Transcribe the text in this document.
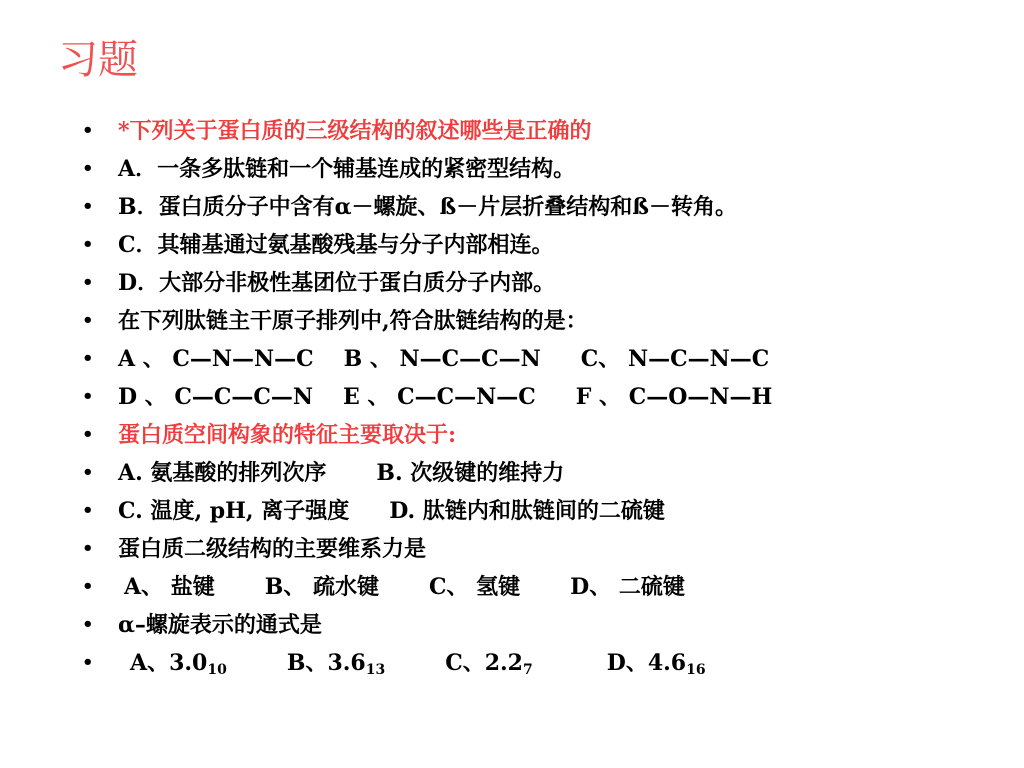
习题
•	*下列关于蛋白质的三级结构的叙述哪些是正确的
•	A．一条多肽链和一个辅基连成的紧密型结构。
•	B．蛋白质分子中含有α－螺旋、ß－片层折叠结构和ß－转角。
•	C．其辅基通过氨基酸残基与分子内部相连。
•	D．大部分非极性基团位于蛋白质分子内部。
•	在下列肽链主干原子排列中,符合肽链结构的是：
•	A 、 C—N—N—C B 、 N—C—C—N C、 N—C—N—C
•	D 、 C—C—C—N E 、 C—C—N—C F 、 C—O—N—H
•	蛋白质空间构象的特征主要取决于:
•	A. 氨基酸的排列次序 B. 次级键的维持力
•	C. 温度, pH, 离子强度 D. 肽链内和肽链间的二硫键
•	蛋白质二级结构的主要维系力是
•	A、 盐键 B、 疏水键 C、 氢键 D、 二硫键
•	α–螺旋表示的通式是
•	A、$3.0_{10}$	B、$3.6_{13}$	C、$2.2_7$	D、$4.6_{16}$
